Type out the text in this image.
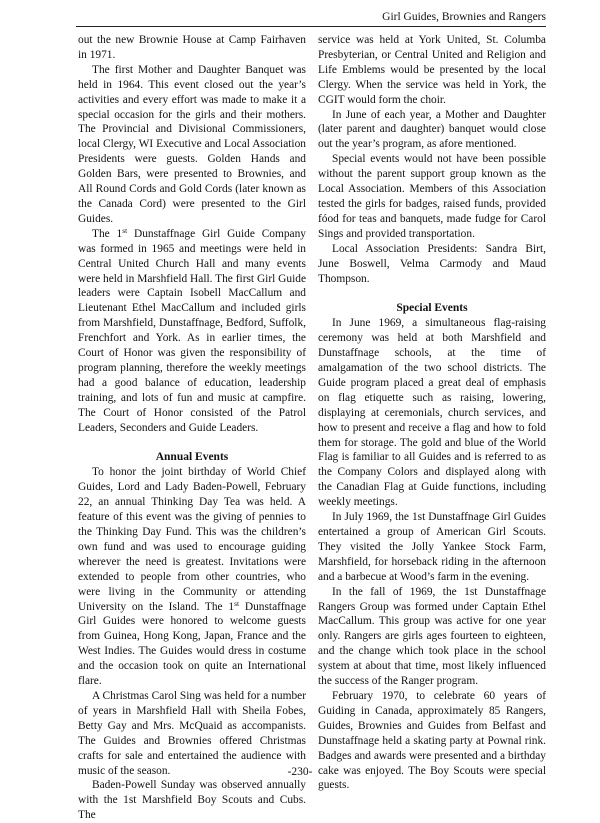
Girl Guides, Brownies and Rangers

out the new Brownie House at Camp Fairhaven in 1971.

The first Mother and Daughter Banquet was held in 1964. This event closed out the year’s activities and every effort was made to make it a special occasion for the girls and their mothers. The Provincial and Divisional Commissioners, local Clergy, WI Executive and Local Association Presidents were guests. Golden Hands and Golden Bars, were presented to Brownies, and All Round Cords and Gold Cords (later known as the Canada Cord) were presented to the Girl Guides.

The 1st Dunstaffnage Girl Guide Company was formed in 1965 and meetings were held in Central United Church Hall and many events were held in Marshfield Hall. The first Girl Guide leaders were Captain Isobell MacCallum and Lieutenant Ethel MacCallum and included girls from Marshfield, Dunstaffnage, Bedford, Suffolk, Frenchfort and York. As in earlier times, the Court of Honor was given the responsibility of program planning, therefore the weekly meetings had a good balance of education, leadership training, and lots of fun and music at campfire. The Court of Honor consisted of the Patrol Leaders, Seconders and Guide Leaders.

Annual Events

To honor the joint birthday of World Chief Guides, Lord and Lady Baden-Powell, February 22, an annual Thinking Day Tea was held. A feature of this event was the giving of pennies to the Thinking Day Fund. This was the children’s own fund and was used to encourage guiding wherever the need is greatest. Invitations were extended to people from other countries, who were living in the Community or attending University on the Island. The 1st Dunstaffnage Girl Guides were honored to welcome guests from Guinea, Hong Kong, Japan, France and the West Indies. The Guides would dress in costume and the occasion took on quite an International flare.

A Christmas Carol Sing was held for a number of years in Marshfield Hall with Sheila Fobes, Betty Gay and Mrs. McQuaid as accompanists. The Guides and Brownies offered Christmas crafts for sale and entertained the audience with music of the season.

Baden-Powell Sunday was observed annually with the 1st Marshfield Boy Scouts and Cubs. The

service was held at York United, St. Columba Presbyterian, or Central United and Religion and Life Emblems would be presented by the local Clergy. When the service was held in York, the CGIT would form the choir.

In June of each year, a Mother and Daughter (later parent and daughter) banquet would close out the year’s program, as afore mentioned.

Special events would not have been possible without the parent support group known as the Local Association. Members of this Association tested the girls for badges, raised funds, provided fóod for teas and banquets, made fudge for Carol Sings and provided transportation.

Local Association Presidents: Sandra Birt, June Boswell, Velma Carmody and Maud Thompson.

Special Events

In June 1969, a simultaneous flag-raising ceremony was held at both Marshfield and Dunstaffnage schools, at the time of amalgamation of the two school districts. The Guide program placed a great deal of emphasis on flag etiquette such as raising, lowering, displaying at ceremonials, church services, and how to present and receive a flag and how to fold them for storage. The gold and blue of the World Flag is familiar to all Guides and is referred to as the Company Colors and displayed along with the Canadian Flag at Guide functions, including weekly meetings.

In July 1969, the 1st Dunstaffnage Girl Guides entertained a group of American Girl Scouts. They visited the Jolly Yankee Stock Farm, Marshfield, for horseback riding in the afternoon and a barbecue at Wood’s farm in the evening.

In the fall of 1969, the 1st Dunstaffnage Rangers Group was formed under Captain Ethel MacCallum. This group was active for one year only. Rangers are girls ages fourteen to eighteen, and the change which took place in the school system at about that time, most likely influenced the success of the Ranger program.

February 1970, to celebrate 60 years of Guiding in Canada, approximately 85 Rangers, Guides, Brownies and Guides from Belfast and Dunstaffnage held a skating party at Pownal rink. Badges and awards were presented and a birthday cake was enjoyed. The Boy Scouts were special guests.

-230-
